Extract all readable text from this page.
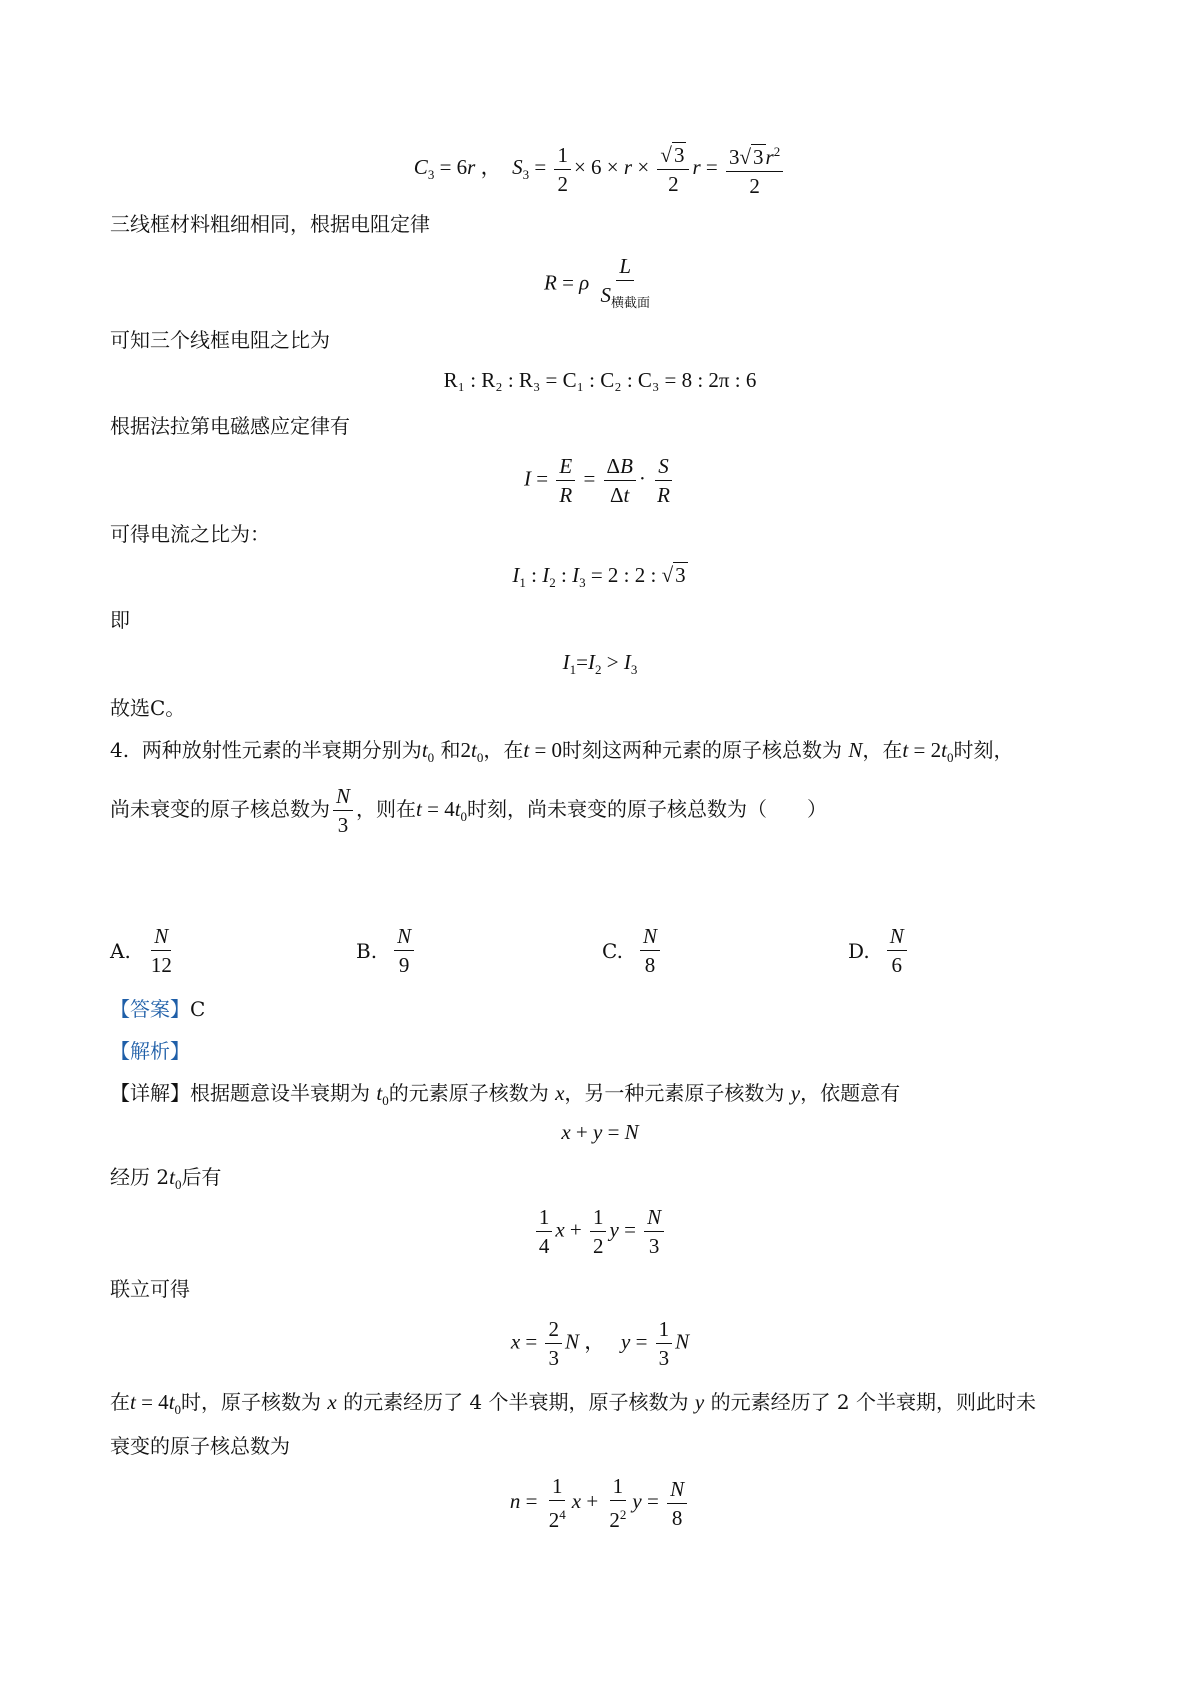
$C_3 = 6r$ ，  $S_3 = \frac{1}{2} \times 6 \times r \times \frac{√3}{2}$ $r = \frac{3√3r^2}{2}$
三线框材料粗细相同，根据电阻定律
R = ρ
L
$S_{横截面}$
可知三个线框电阻之比为
R₁ : R₂ : R₃ = C₁ : C₂ : C₃ = 8 : 2π : 6
根据法拉第电磁感应定律有
$I = \frac{E}{R} = \frac{\Delta B}{\Delta t} \cdot \frac{S}{R}$
可得电流之比为：
$I_1$ : $I_2$ : $I_3 = 2$ : 2 : √3
即
$I_1=I_2 > I_3$
故选C。
4. 两种放射性元素的半衰期分别为$t_0$ 和$2t_0$，在t = 0时刻这两种元素的原子核总数为 N，在$t = 2t_0$时刻，
尚未衰变的原子核总数为 $\frac{N}{3}$ ，则在$t = 4t_0$时刻，尚未衰变的原子核总数为（　　）
A.
N
12
B.
N
9
C.
N
8
D.
N
6
【答案】C
【解析】
【详解】根据题意设半衰期为 $t_0$的元素原子核数为 x，另一种元素原子核数为 y，依题意有
x + y = N
经历 $2t_0$后有
$\frac{1}{4}$ $x + \frac{1}{2}$ $y = \frac{N}{3}$
联立可得
$x = \frac{2}{3}$ N ，   $y = \frac{1}{3}$ N
在$t = 4t_0$时，原子核数为 x 的元素经历了 4 个半衰期，原子核数为 y 的元素经历了 2 个半衰期，则此时未
衰变的原子核总数为
$n = \frac{1}{2^4}$ $x + \frac{1}{2^2}$ $y = \frac{N}{8}$
